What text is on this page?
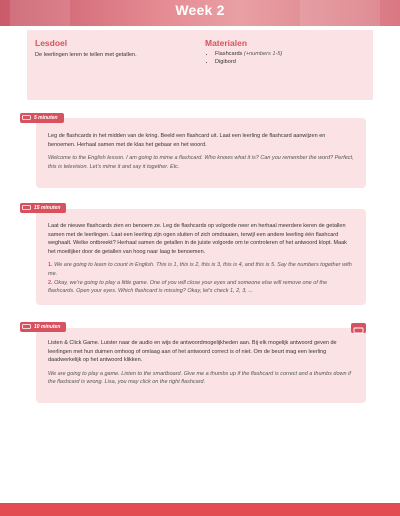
Week 2
Lesdoel

De leerlingen leren te tellen met getallen.

Materialen
• Flashcards (+numbers 1-5)
• Digibord

Leg de flashcards in het midden van de kring. Beeld een flashcard uit. Laat een leerling de flashcard aanwijzen en benoemen. Herhaal samen met de klas het gebaar en het woord.

Welcome to the English lesson. I am going to mime a flashcard. Who knows what it is? Can you remember the word? Perfect, this is television. Let’s mime it and say it together. Etc.

5 minuten

Laat de nieuwe flashcards zien en benoem ze. Leg de flashcards op volgorde neer en herhaal meerdere keren de getallen samen met de leerlingen. Laat een leerling zijn ogen sluiten of zich omdraaien, terwijl een andere leerling één flashcard weghaalt. Welke ontbreekt? Herhaal samen de getallen in de juiste volgorde om te controleren of het antwoord klopt. Maak het moeilijker door de getallen van hoog naar laag te benoemen.

1. We are going to learn to count in English. This is 1, this is 2, this is 3, this is 4, and this is 5. Say the numbers together with me.

2. Okay, we’re going to play a little game. One of you will close your eyes and someone else will remove one of the flashcards. Open your eyes. Which flashcard is missing? Okay, let’s check 1, 2, 3, ...

15 minuten

Listen & Click Game. Luister naar de audio en wijs de antwoordmogelijkheden aan. Bij elk mogelijk antwoord geven de leerlingen met hun duimen omhoog of omlaag aan of het antwoord correct is of niet. Om de beurt mag een leerling daadwerkelijk op het antwoord klikken.

We are going to play a game. Listen to the smartboard. Give me a thumbs up if the flashcard is correct and a thumbs down if the flashcard is wrong. Lisa, you may click on the right flashcard.

10 minuten
